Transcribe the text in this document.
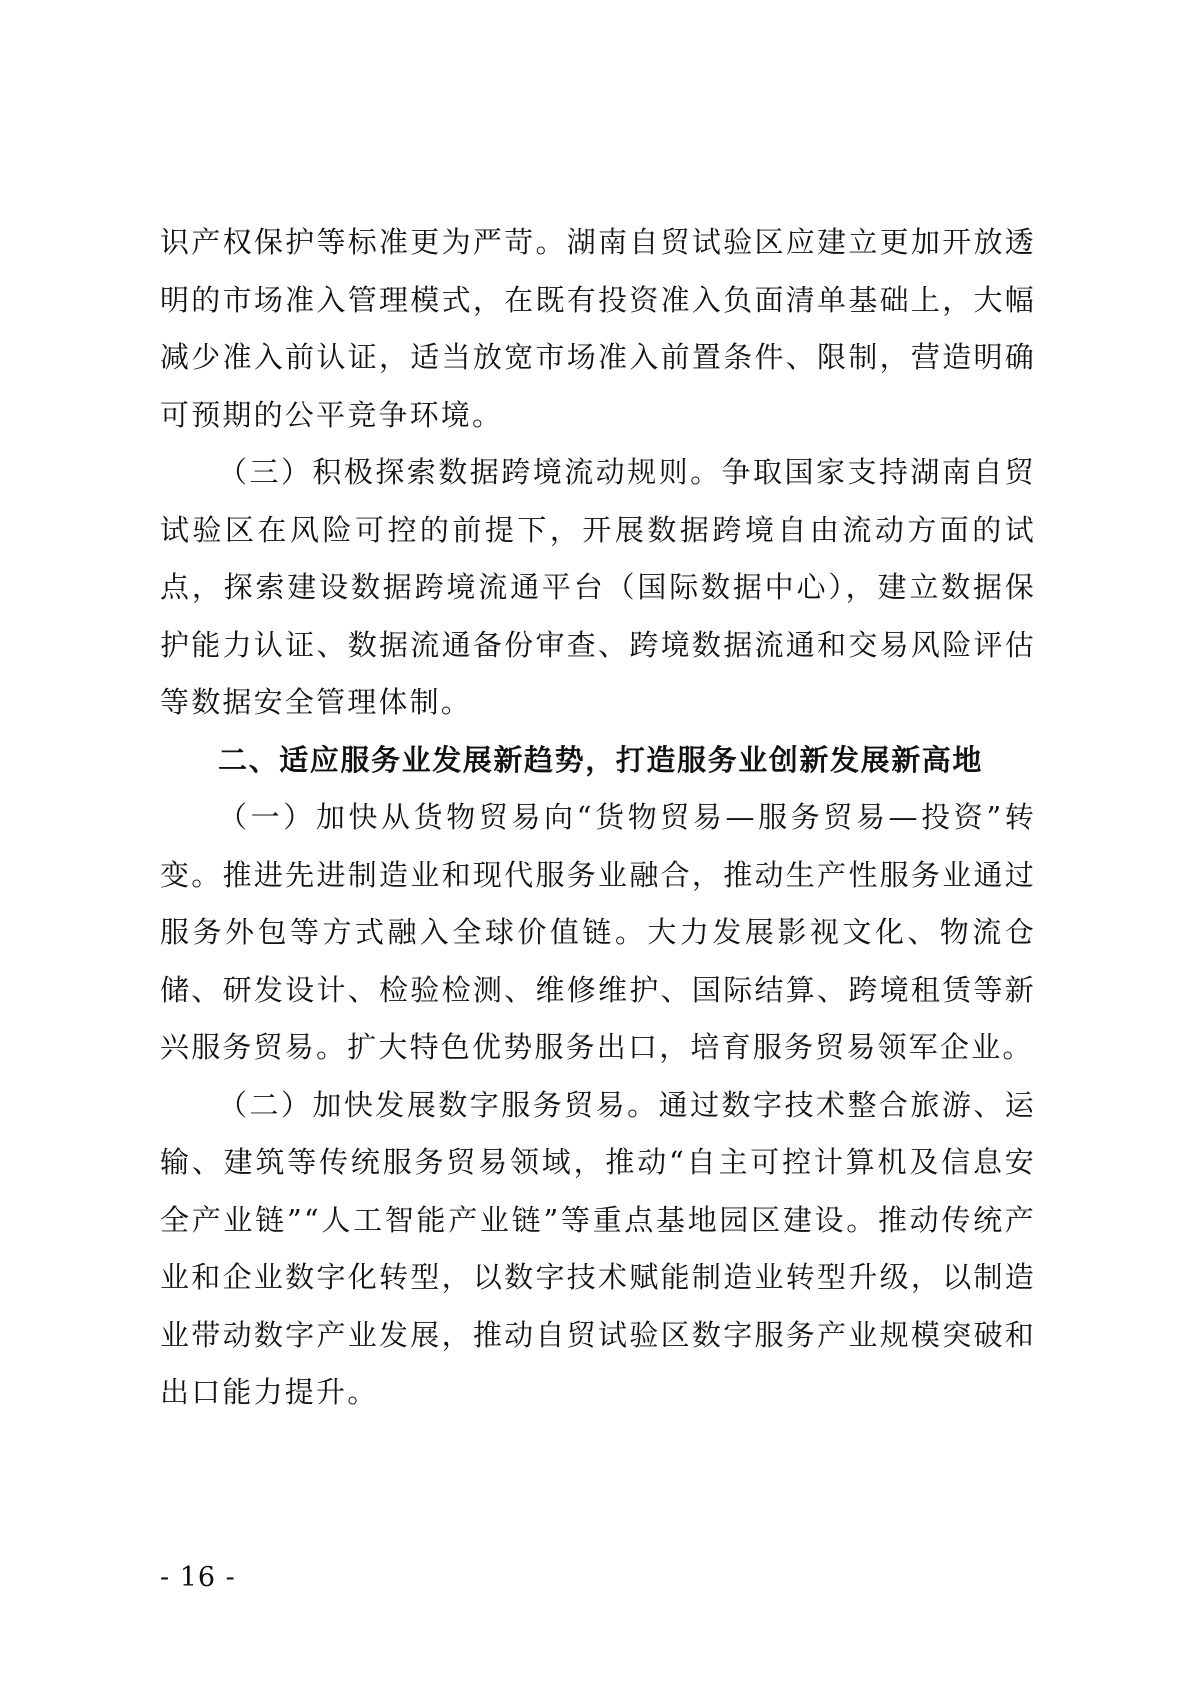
识产权保护等标准更为严苛。湖南自贸试验区应建立更加开放透明的市场准入管理模式，在既有投资准入负面清单基础上，大幅减少准入前认证，适当放宽市场准入前置条件、限制，营造明确可预期的公平竞争环境。

（三）积极探索数据跨境流动规则。争取国家支持湖南自贸试验区在风险可控的前提下，开展数据跨境自由流动方面的试点，探索建设数据跨境流通平台（国际数据中心），建立数据保护能力认证、数据流通备份审查、跨境数据流通和交易风险评估等数据安全管理体制。

二、适应服务业发展新趋势，打造服务业创新发展新高地

（一）加快从货物贸易向“货物贸易—服务贸易—投资”转变。推进先进制造业和现代服务业融合，推动生产性服务业通过服务外包等方式融入全球价值链。大力发展影视文化、物流仓储、研发设计、检验检测、维修维护、国际结算、跨境租赁等新兴服务贸易。扩大特色优势服务出口，培育服务贸易领军企业。

（二）加快发展数字服务贸易。通过数字技术整合旅游、运输、建筑等传统服务贸易领域，推动“自主可控计算机及信息安全产业链”“人工智能产业链”等重点基地园区建设。推动传统产业和企业数字化转型，以数字技术赋能制造业转型升级，以制造业带动数字产业发展，推动自贸试验区数字服务产业规模突破和出口能力提升。

- 16 -
